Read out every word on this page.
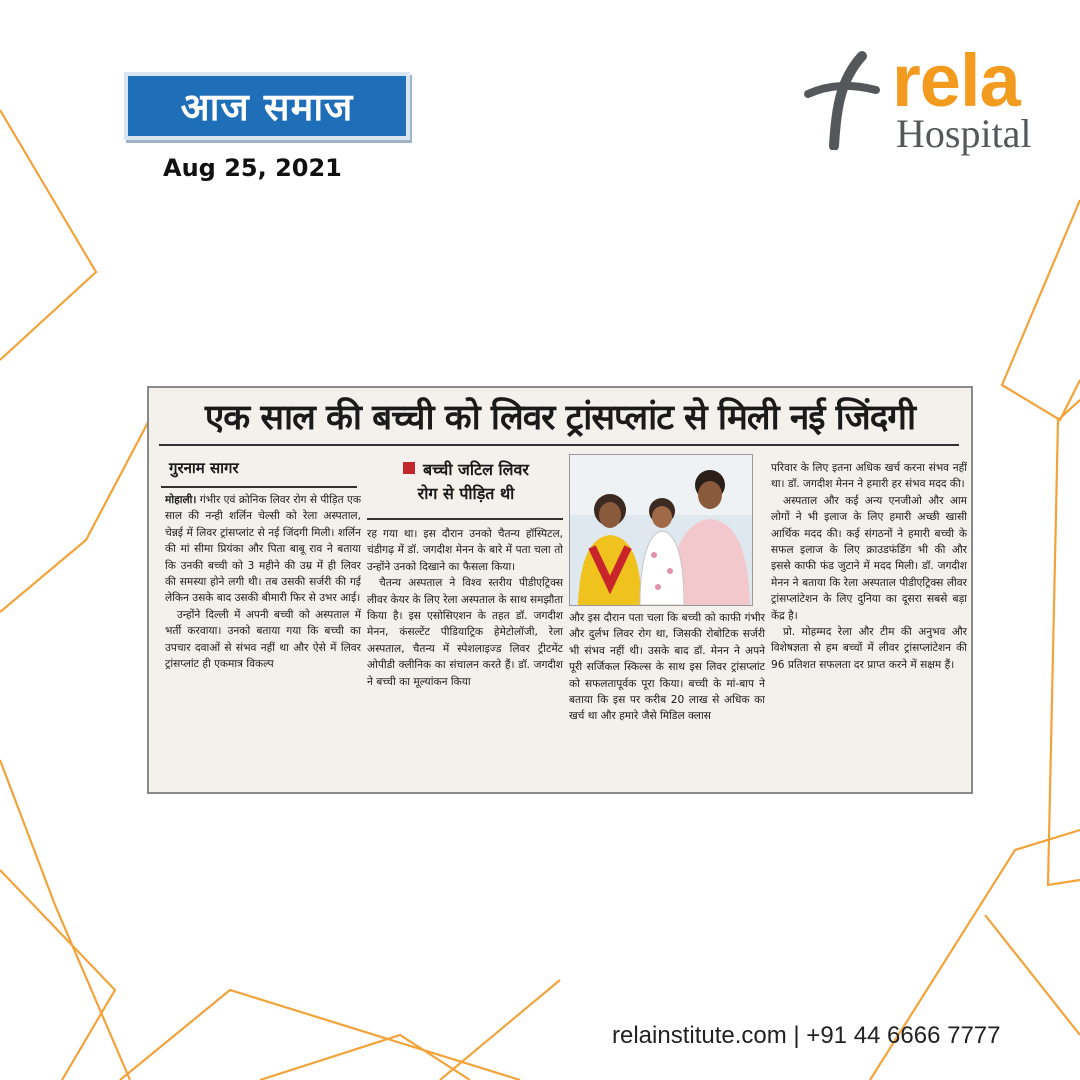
आज समाज
Aug 25, 2021
rela
Hospital
एक साल की बच्ची को लिवर ट्रांसप्लांट से मिली नई जिंदगी
गुरनाम सागर

मोहाली। गंभीर एवं क्रोनिक लिवर रोग से पीड़ित एक साल की नन्ही शर्लिन चेल्सी को रेला अस्पताल, चेन्नई में लिवर ट्रांसप्लांट से नई जिंदगी मिली। शर्लिन की मां सीमा प्रियंका और पिता बाबू राव ने बताया कि उनकी बच्ची को 3 महीने की उम्र में ही लिवर की समस्या होने लगी थी। तब उसकी सर्जरी की गई लेकिन उसके बाद उसकी बीमारी फिर से उभर आई।

उन्होंने दिल्ली में अपनी बच्ची को अस्पताल में भर्ती करवाया। उनको बताया गया कि बच्ची का उपचार दवाओं से संभव नहीं था और ऐसे में लिवर ट्रांसप्लांट ही एकमात्र विकल्प

बच्ची जटिल लिवर
रोग से पीड़ित थी

रह गया था। इस दौरान उनको चैतन्य हॉस्पिटल, चंडीगढ़ में डॉ. जगदीश मेनन के बारे में पता चला तो उन्होंने उनको दिखाने का फैसला किया।

चैतन्य अस्पताल ने विश्व स्तरीय पीडीएट्रिक्स लीवर केयर के लिए रेला अस्पताल के साथ समझौता किया है। इस एसोसिएशन के तहत डॉ. जगदीश मेनन, कंसल्टेंट पीडियाट्रिक हेमेटोलॉजी, रेला अस्पताल, चैतन्य में स्पेशलाइज्ड लिवर ट्रीटमेंट ओपीडी क्लीनिक का संचालन करते हैं। डॉ. जगदीश ने बच्ची का मूल्यांकन किया

और इस दौरान पता चला कि बच्ची को काफी गंभीर और दुर्लभ लिवर रोग था, जिसकी रोबोटिक सर्जरी भी संभव नहीं थी। उसके बाद डॉ. मेनन ने अपने पूरी सर्जिकल स्किल्स के साथ इस लिवर ट्रांसप्लांट को सफलतापूर्वक पूरा किया। बच्ची के मां-बाप ने बताया कि इस पर करीब 20 लाख से अधिक का खर्च था और हमारे जैसे मिडिल क्लास

परिवार के लिए इतना अधिक खर्च करना संभव नहीं था। डॉ. जगदीश मेनन ने हमारी हर संभव मदद की।

अस्पताल और कई अन्य एनजीओ और आम लोगों ने भी इलाज के लिए हमारी अच्छी खासी आर्थिक मदद की। कई संगठनों ने हमारी बच्ची के सफल इलाज के लिए क्राउडफंडिंग भी की और इससे काफी फंड जुटाने में मदद मिली। डॉ. जगदीश मेनन ने बताया कि रेला अस्पताल पीडीएट्रिक्स लीवर ट्रांसप्लांटेशन के लिए दुनिया का दूसरा सबसे बड़ा केंद्र है।

प्रो. मोहम्मद रेला और टीम की अनुभव और विशेषज्ञता से हम बच्चों में लीवर ट्रांसप्लांटेशन की 96 प्रतिशत सफलता दर प्राप्त करने में सक्षम हैं।

relainstitute.com | +91 44 6666 7777
